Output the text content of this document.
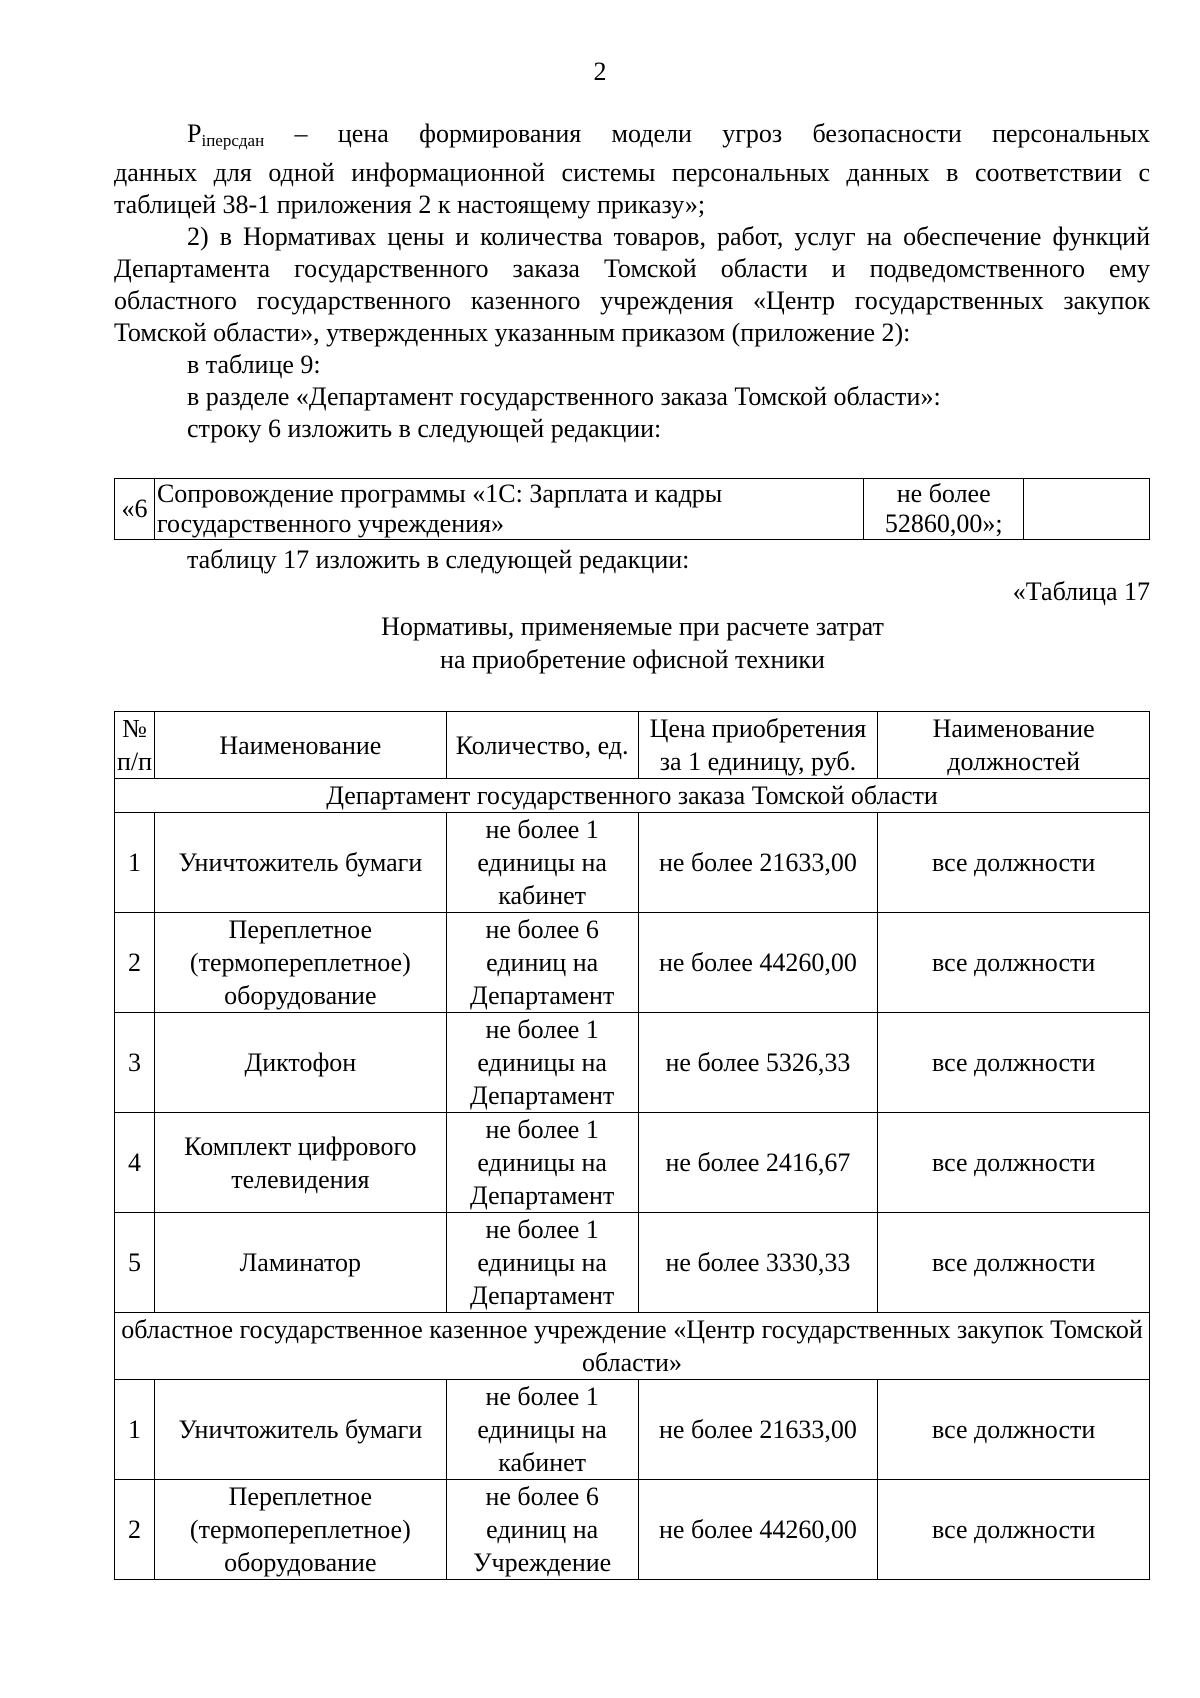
2

$P_{iперсдан}$ – цена формирования модели угроз безопасности персональных

данных для одной информационной системы персональных данных в соответствии с таблицей 38-1 приложения 2 к настоящему приказу»;

2) в Нормативах цены и количества товаров, работ, услуг на обеспечение функций Департамента государственного заказа Томской области и подведомственного ему областного государственного казенного учреждения «Центр государственных закупок Томской области», утвержденных указанным приказом (приложение 2):

в таблице 9:

в разделе «Департамент государственного заказа Томской области»:

строку 6 изложить в следующей редакции:

«6	Сопровождение программы «1С: Зарплата и кадры государственного учреждения»	не более 52860,00»;	
таблицу 17 изложить в следующей редакции:
«Таблица 17
Нормативы, применяемые при расчете затрат
на приобретение офисной техники
№ п/п	Наименование	Количество, ед.	Цена приобретения за 1 единицу, руб.	Наименование должностей
Департамент государственного заказа Томской области				
1	Уничтожитель бумаги	не более 1 единицы на кабинет	не более 21633,00	все должности
2	Переплетное (термопереплетное) оборудование	не более 6 единиц на Департамент	не более 44260,00	все должности
3	Диктофон	не более 1 единицы на Департамент	не более 5326,33	все должности
4	Комплект цифрового телевидения	не более 1 единицы на Департамент	не более 2416,67	все должности
5	Ламинатор	не более 1 единицы на Департамент	не более 3330,33	все должности
областное государственное казенное учреждение «Центр государственных закупок Томской области»				
1	Уничтожитель бумаги	не более 1 единицы на кабинет	не более 21633,00	все должности
2	Переплетное (термопереплетное) оборудование	не более 6 единиц на Учреждение	не более 44260,00	все должности
